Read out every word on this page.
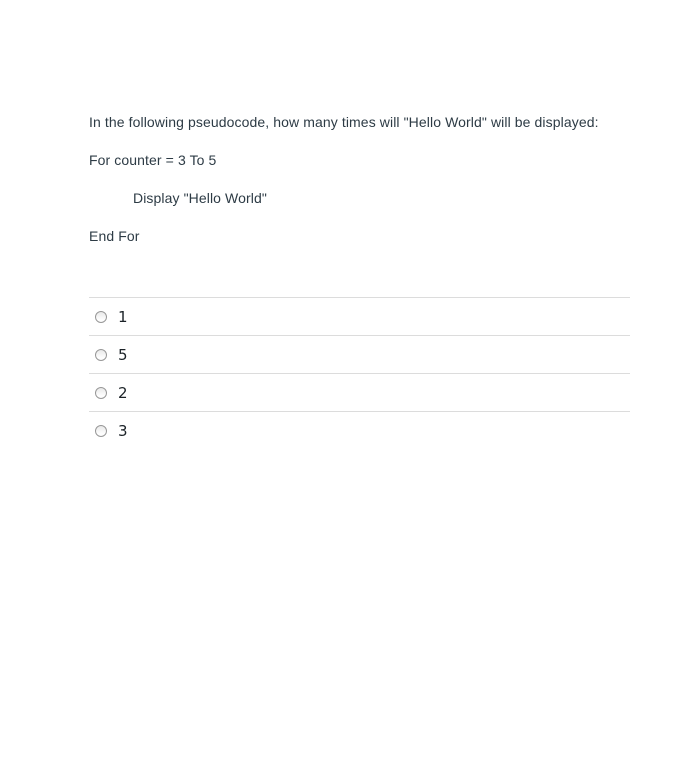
In the following pseudocode, how many times will "Hello World" will be displayed:

For counter = 3 To 5

Display "Hello World"

End For

1
5
2
3
